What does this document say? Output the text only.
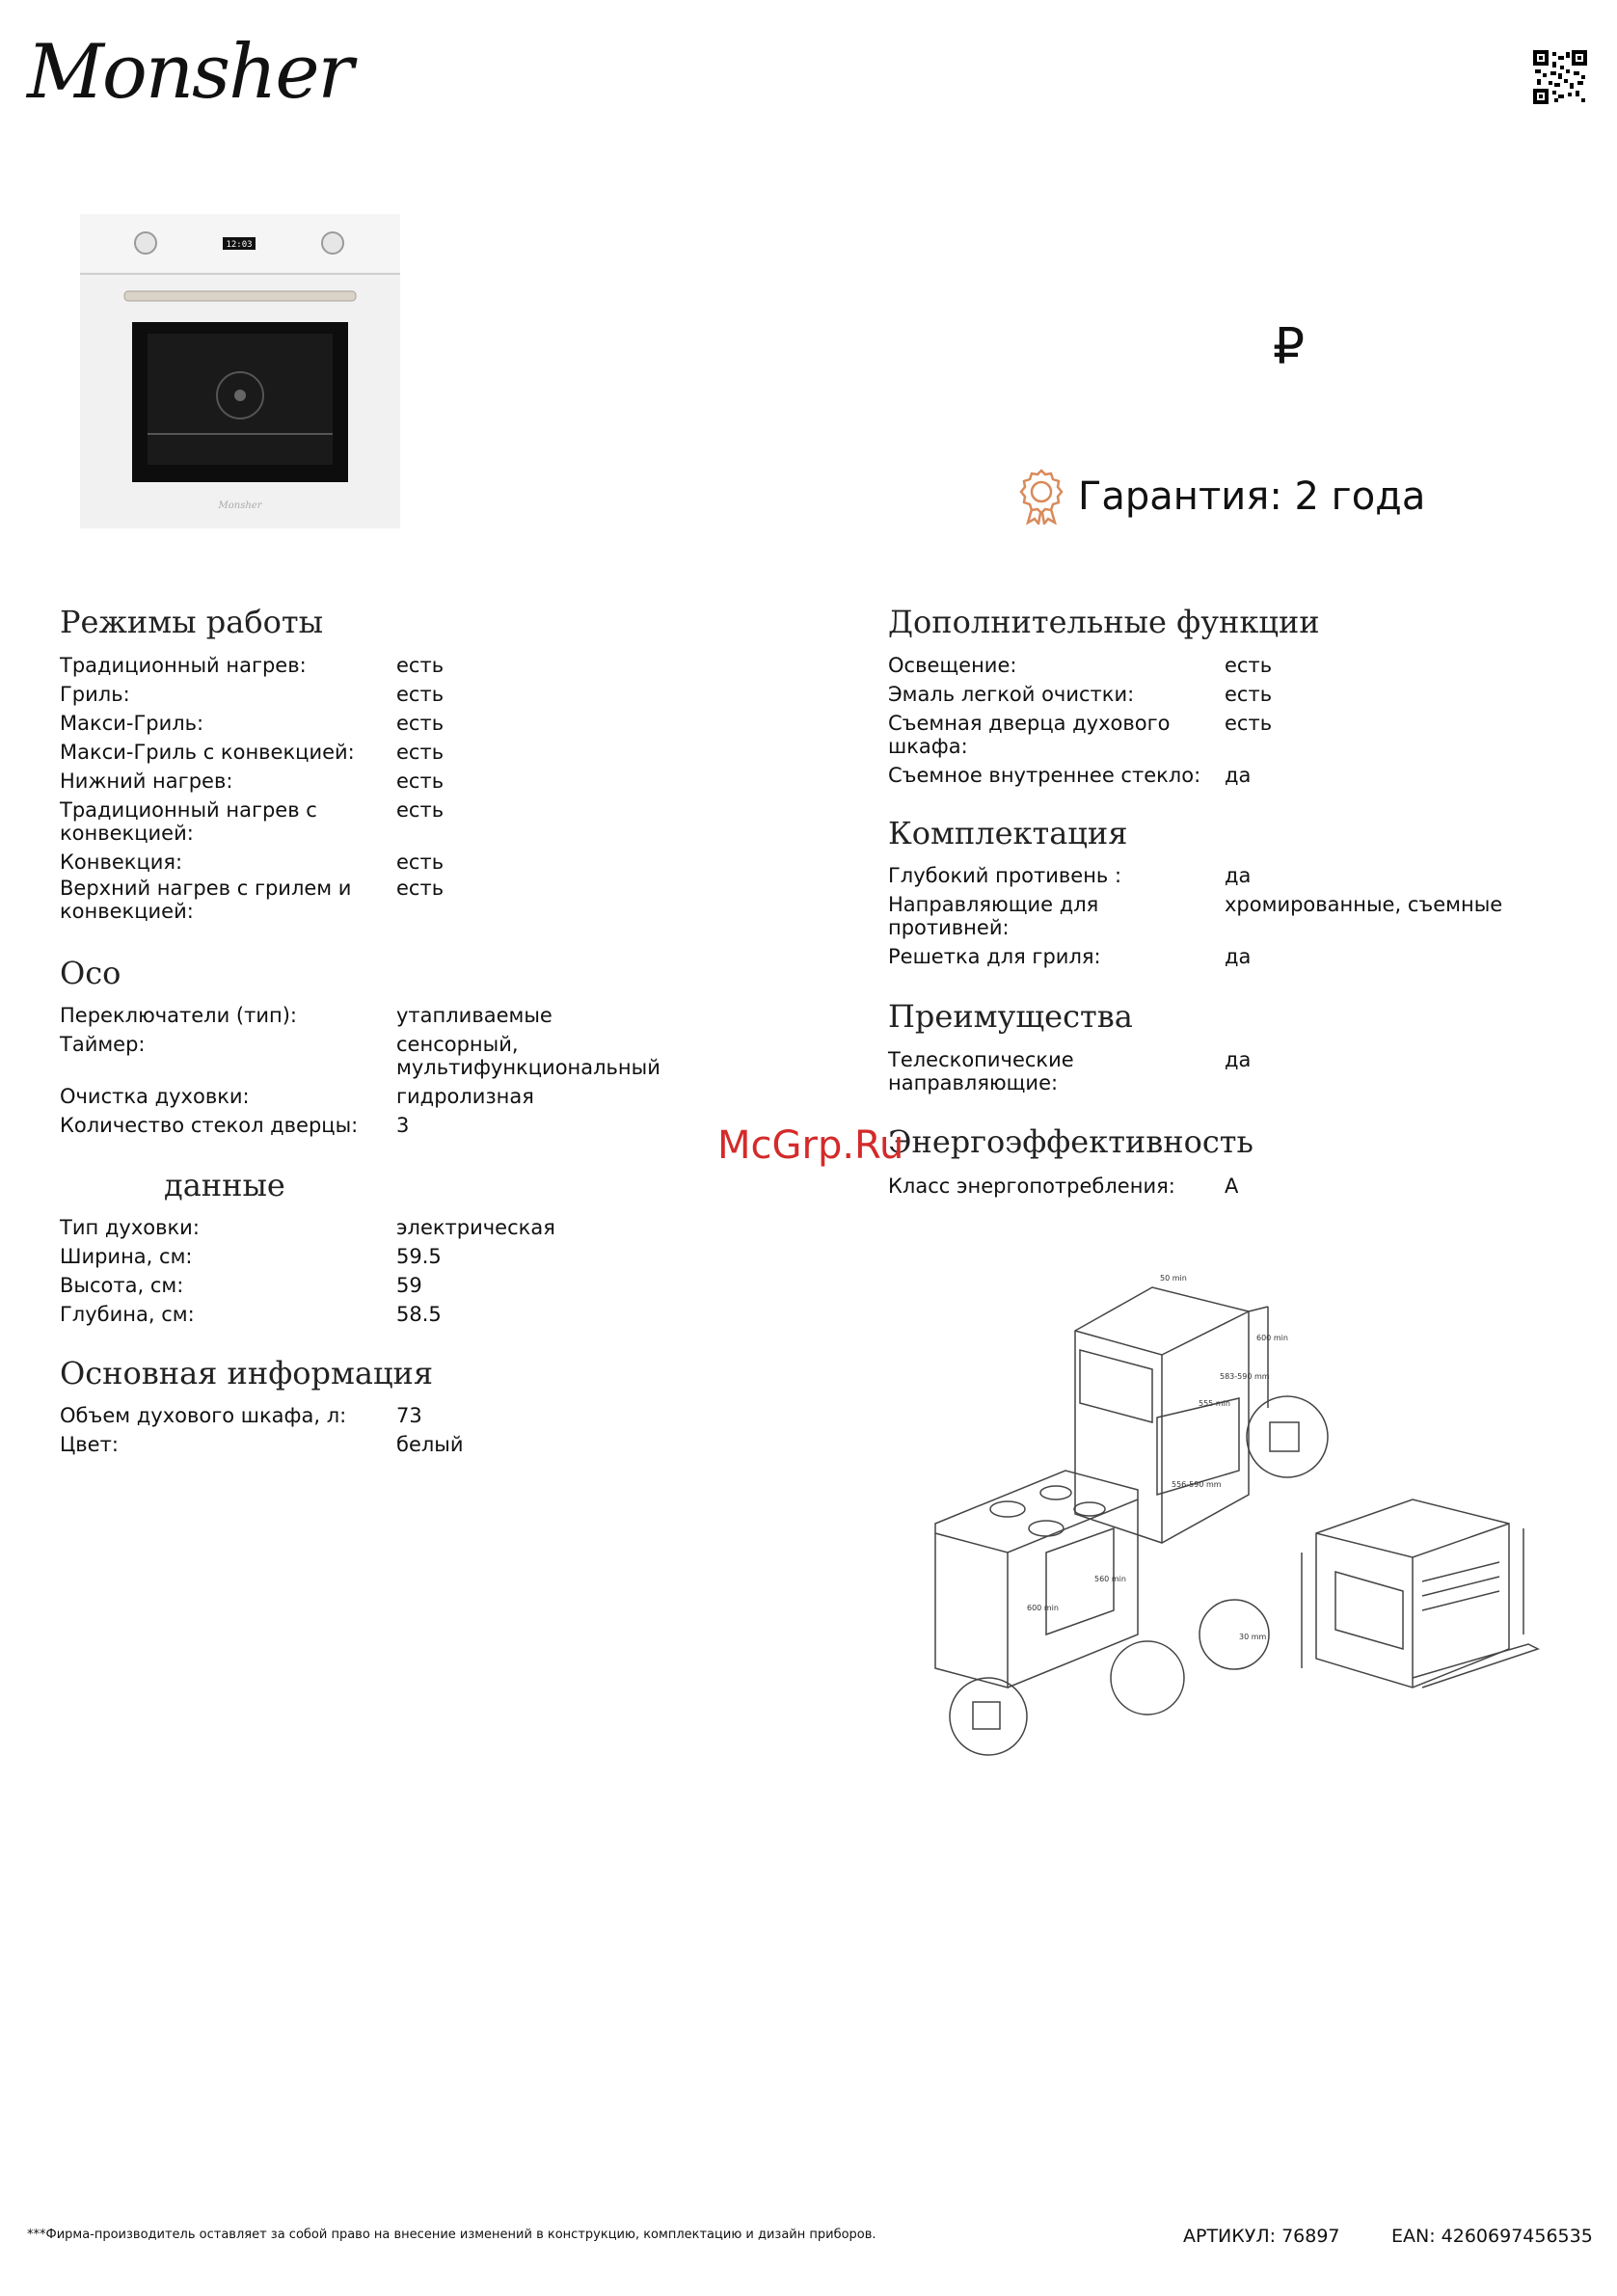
Monsher
12:03
Monsher
₽
Гарантия: 2 года
Режимы работы
Традиционный нагрев:	есть
Гриль:	есть
Макси-Гриль:	есть
Макси-Гриль с конвекцией:	есть
Нижний нагрев:	есть
Традиционный нагрев с конвекцией:
есть
Конвекция:	есть
Верхний нагрев с грилем и конвекцией:
есть
Осо
Переключатели (тип):	утапливаемые
Таймер:	сенсорный, мультифункциональный
Очистка духовки:	гидролизная
Количество стекол дверцы:	3
данные
Тип духовки:	электрическая
Ширина, см:	59.5
Высота, см:	59
Глубина, см:	58.5
Основная информация
Объем духового шкафа, л:	73
Цвет:	белый
Дополнительные функции
Освещение:	есть
Эмаль легкой очистки:	есть
Съемная дверца духового шкафа:
есть
Съемное внутреннее стекло:	да
Комплектация
Глубокий противень :	да
Направляющие для противней:
хромированные, съемные
Решетка для гриля:	да
Преимущества
Телескопические направляющие:
да
Энергоэффективность
Класс энергопотребления:	A
McGrp.Ru
50 min
600 min
555 min
583-590 mm
556-590 mm
600 min
560 min
30 mm
***Фирма-производитель оставляет за собой право на внесение изменений в конструкцию, комплектацию и дизайн приборов.	АРТИКУЛ: 76897	EAN: 4260697456535
